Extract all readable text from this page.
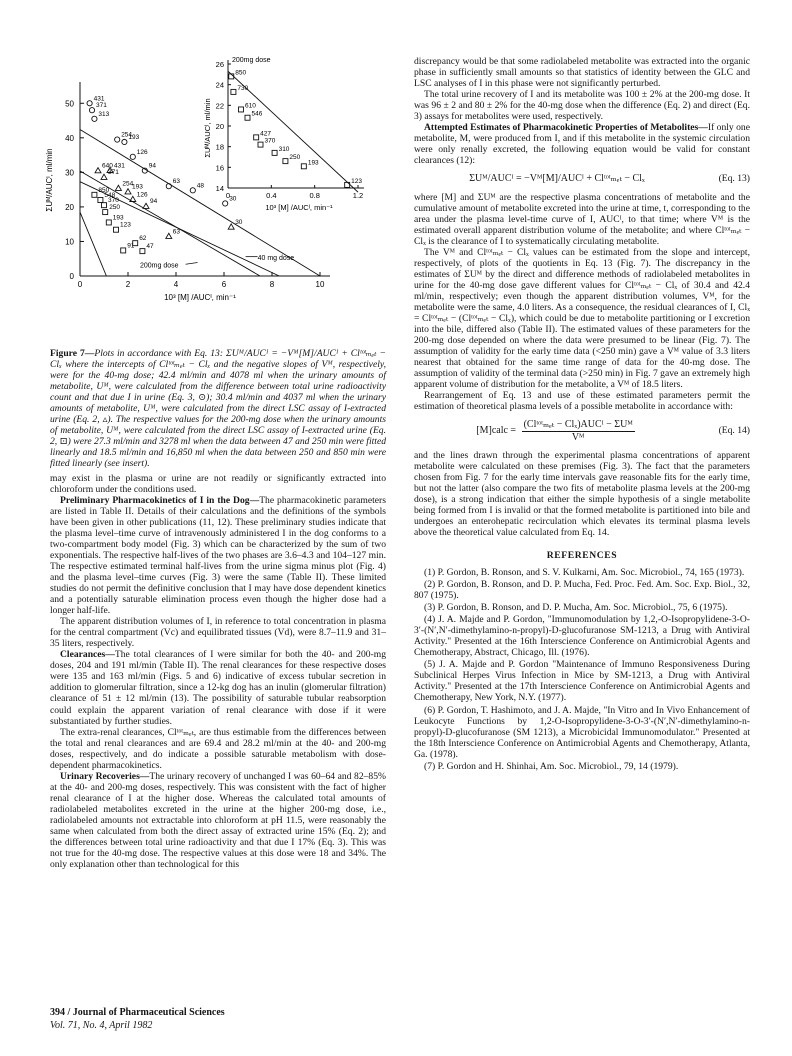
0
10
20
30
40
50
0	2	4	6	8	10
10³ [M] /AUCᴵ, min⁻¹
ΣUᴹ/AUCᴵ, ml/min
431
371
313
254
193
126
94
640 431
371
254
193
126
94
63
48
30
63
30
850
548
370
250
193
123
62
91 47
40 mg dose
200mg dose
14
16
18
20
22
24
26
0	0.4	0.8	1.2
200mg dose
10³ [M] /AUCᴵ, min⁻¹
ΣUᴹ/AUCᴵ, ml/min
850
730
610
546
427
370
310
250
193
123

Figure 7—Plots in accordance with Eq. 13: ΣUᴹ/AUCᴵ = −Vᴹ[M]/AUCᴵ + Clᵗᵒᵗₘₑₜ − Clₓ where the intercepts of Clᵗᵒᵗₘₑₜ − Clₓ and the negative slopes of Vᴹ, respectively, were for the 40-mg dose; 42.4 ml/min and 4078 ml when the urinary amounts of metabolite, Uᴹ, were calculated from the difference between total urine radioactivity count and that due I in urine (Eq. 3, ⊙); 30.4 ml/min and 4037 ml when the urinary amounts of metabolite, Uᴹ, were calculated from the direct LSC assay of I-extracted urine (Eq. 2, ▵). The respective values for the 200-mg dose when the urinary amounts of metabolite, Uᴹ, were calculated from the direct LSC assay of I-extracted urine (Eq. 2, ⊡) were 27.3 ml/min and 3278 ml when the data between 47 and 250 min were fitted linearly and 18.5 ml/min and 16,850 ml when the data between 250 and 850 min were fitted linearly (see insert).

may exist in the plasma or urine are not readily or significantly extracted into chloroform under the conditions used.

Preliminary Pharmacokinetics of I in the Dog—The pharmacokinetic parameters are listed in Table II. Details of their calculations and the definitions of the symbols have been given in other publications (11, 12). These preliminary studies indicate that the plasma level–time curve of intravenously administered I in the dog conforms to a two-compartment body model (Fig. 3) which can be characterized by the sum of two exponentials. The respective half-lives of the two phases are 3.6–4.3 and 104–127 min. The respective estimated terminal half-lives from the urine sigma minus plot (Fig. 4) and the plasma level–time curves (Fig. 3) were the same (Table II). These limited studies do not permit the definitive conclusion that I may have dose dependent kinetics and a potentially saturable elimination process even though the higher dose had a longer half-life.

The apparent distribution volumes of I, in reference to total concentration in plasma for the central compartment (Vc) and equilibrated tissues (Vd), were 8.7–11.9 and 31–35 liters, respectively.

Clearances—The total clearances of I were similar for both the 40- and 200-mg doses, 204 and 191 ml/min (Table II). The renal clearances for these respective doses were 135 and 163 ml/min (Figs. 5 and 6) indicative of excess tubular secretion in addition to glomerular filtration, since a 12-kg dog has an inulin (glomerular filtration) clearance of 51 ± 12 ml/min (13). The possibility of saturable tubular reabsorption could explain the apparent variation of renal clearance with dose if it were substantiated by further studies.

The extra-renal clearances, Clᵗᵒᵗₘₑₜ, are thus estimable from the differences between the total and renal clearances and are 69.4 and 28.2 ml/min at the 40- and 200-mg doses, respectively, and do indicate a possible saturable metabolism with dose-dependent pharmacokinetics.

Urinary Recoveries—The urinary recovery of unchanged I was 60–64 and 82–85% at the 40- and 200-mg doses, respectively. This was consistent with the fact of higher renal clearance of I at the higher dose. Whereas the calculated total amounts of radiolabeled metabolites excreted in the urine at the higher 200-mg dose, i.e., radiolabeled amounts not extractable into chloroform at pH 11.5, were reasonably the same when calculated from both the direct assay of extracted urine 15% (Eq. 2); and the differences between total urine radioactivity and that due I 17% (Eq. 3). This was not true for the 40-mg dose. The respective values at this dose were 18 and 34%. The only explanation other than technological for this

discrepancy would be that some radiolabeled metabolite was extracted into the organic phase in sufficiently small amounts so that statistics of identity between the GLC and LSC analyses of I in this phase were not significantly perturbed.

The total urine recovery of I and its metabolite was 100 ± 2% at the 200-mg dose. It was 96 ± 2 and 80 ± 2% for the 40-mg dose when the difference (Eq. 2) and direct (Eq. 3) assays for metabolites were used, respectively.

Attempted Estimates of Pharmacokinetic Properties of Metabolites—If only one metabolite, M, were produced from I, and if this metabolite in the systemic circulation were only renally excreted, the following equation would be valid for constant clearances (12):

ΣUᴹ/AUCᴵ = −Vᴹ[M]/AUCᴵ + Clᵗᵒᵗₘₑₜ − Clₓ	(Eq. 13)

where [M] and ΣUᴹ are the respective plasma concentrations of metabolite and the cumulative amount of metabolite excreted into the urine at time, t, corresponding to the area under the plasma level-time curve of I, AUCᴵ, to that time; where Vᴹ is the estimated overall apparent distribution volume of the metabolite; and where Clᵗᵒᵗₘₑₜ − Clₓ is the clearance of I to systematically circulating metabolite.

The Vᴹ and Clᵗᵒᵗₘₑₜ − Clₓ values can be estimated from the slope and intercept, respectively, of plots of the quotients in Eq. 13 (Fig. 7). The discrepancy in the estimates of ΣUᴹ by the direct and difference methods of radiolabeled metabolites in urine for the 40-mg dose gave different values for Clᵗᵒᵗₘₑₜ − Clₓ of 30.4 and 42.4 ml/min, respectively; even though the apparent distribution volumes, Vᴹ, for the metabolite were the same, 4.0 liters. As a consequence, the residual clearances of I, Clₓ = Clᵗᵒᵗₘₑₜ − (Clᵗᵒᵗₘₑₜ − Clₓ), which could be due to metabolite partitioning or I excretion into the bile, differed also (Table II). The estimated values of these parameters for the 200-mg dose depended on where the data were presumed to be linear (Fig. 7). The assumption of validity for the early time data (<250 min) gave a Vᴹ value of 3.3 liters nearest that obtained for the same time range of data for the 40-mg dose. The assumption of validity of the terminal data (>250 min) in Fig. 7 gave an extremely high apparent volume of distribution for the metabolite, a Vᴹ of 18.5 liters.

Rearrangement of Eq. 13 and use of these estimated parameters permit the estimation of theoretical plasma levels of a possible metabolite in accordance with:

[M]calc = $\frac{\text{(Clᵗᵒᵗₘₑₜ − Clₓ)AUCᴵ − ΣUᴹ}}{\text{Vᴹ}}$	(Eq. 14)

and the lines drawn through the experimental plasma concentrations of apparent metabolite were calculated on these premises (Fig. 3). The fact that the parameters chosen from Fig. 7 for the early time intervals gave reasonable fits for the early time, but not the latter (also compare the two fits of metabolite plasma levels at the 200-mg dose), is a strong indication that either the simple hypothesis of a single metabolite being formed from I is invalid or that the formed metabolite is partitioned into bile and undergoes an enterohepatic recirculation which elevates its terminal plasma levels above the theoretical value calculated from Eq. 14.

REFERENCES
(1) P. Gordon, B. Ronson, and S. V. Kulkarni, Am. Soc. Microbiol., 74, 165 (1973).
(2) P. Gordon, B. Ronson, and D. P. Mucha, Fed. Proc. Fed. Am. Soc. Exp. Biol., 32, 807 (1975).
(3) P. Gordon, B. Ronson, and D. P. Mucha, Am. Soc. Microbiol., 75, 6 (1975).
(4) J. A. Majde and P. Gordon, "Immunomodulation by 1,2,-O-Isopropylidene-3-O-3′-(N′,N′-dimethylamino-n-propyl)-D-glucofuranose SM-1213, a Drug with Antiviral Activity." Presented at the 16th Interscience Conference on Antimicrobial Agents and Chemotherapy, Abstract, Chicago, Ill. (1976).
(5) J. A. Majde and P. Gordon "Maintenance of Immuno Responsiveness During Subclinical Herpes Virus Infection in Mice by SM-1213, a Drug with Antiviral Activity." Presented at the 17th Interscience Conference on Antimicrobial Agents and Chemotherapy, New York, N.Y. (1977).
(6) P. Gordon, T. Hashimoto, and J. A. Majde, "In Vitro and In Vivo Enhancement of Leukocyte Functions by 1,2-O-Isopropylidene-3-O-3′-(N′,N′-dimethylamino-n-propyl)-D-glucofuranose (SM 1213), a Microbicidal Immunomodulator." Presented at the 18th Interscience Conference on Antimicrobial Agents and Chemotherapy, Atlanta, Ga. (1978).
(7) P. Gordon and H. Shinhai, Am. Soc. Microbiol., 79, 14 (1979).
394 / Journal of Pharmaceutical Sciences
Vol. 71, No. 4, April 1982
